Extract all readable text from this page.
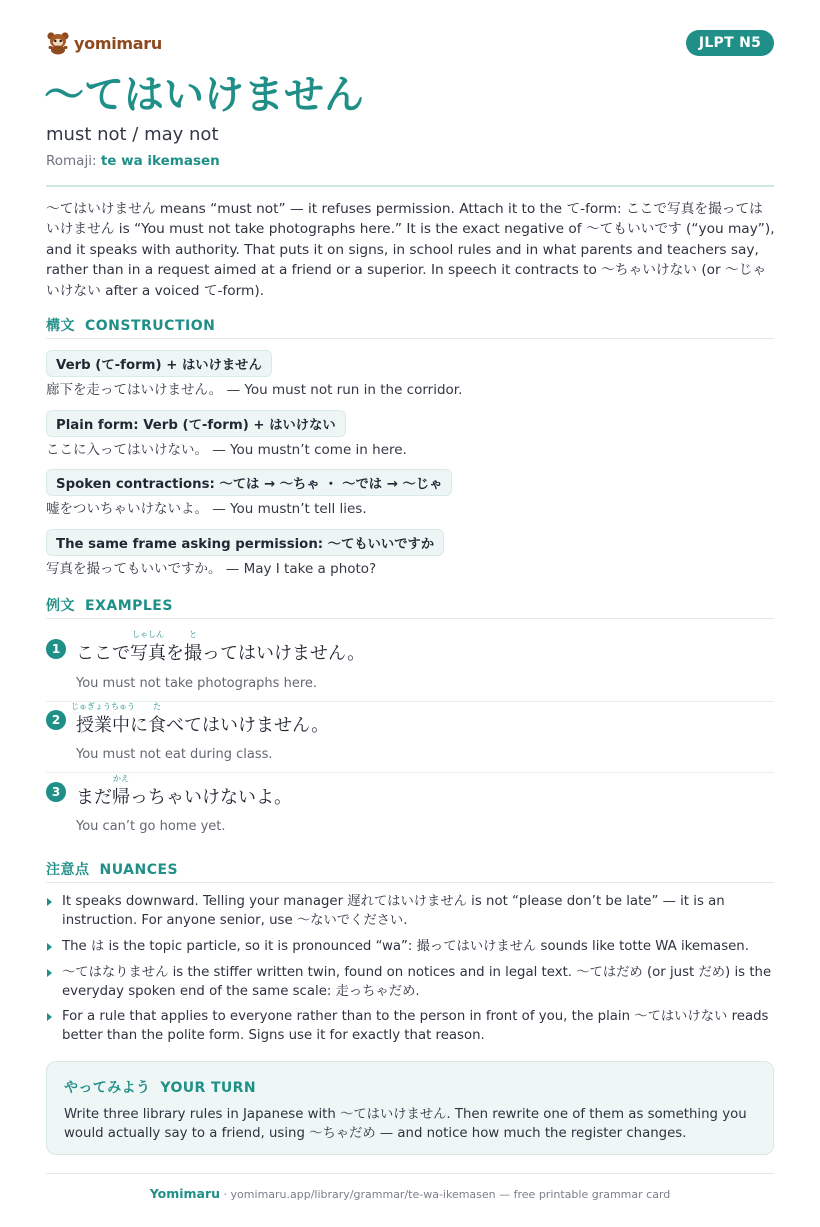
yomimaru	JLPT N5
〜てはいけません
must not / may not
Romaji: te wa ikemasen

〜てはいけません means “must not” — it refuses permission. Attach it to the て-form: ここで写真を撮ってはいけません is “You must not take photographs here.” It is the exact negative of 〜てもいいです (“you may”), and it speaks with authority. That puts it on signs, in school rules and in what parents and teachers say, rather than in a request aimed at a friend or a superior. In speech it contracts to 〜ちゃいけない (or 〜じゃいけない after a voiced て-form).

構文 CONSTRUCTION
Verb (て-form) + はいけません
廊下を走ってはいけません。 — You must not run in the corridor.
Plain form: Verb (て-form) + はいけない
ここに入ってはいけない。 — You mustn’t come in here.
Spoken contractions: 〜ては → 〜ちゃ ・ 〜では → 〜じゃ
嘘をついちゃいけないよ。 — You mustn’t tell lies.
The same frame asking permission: 〜てもいいですか
写真を撮ってもいいですか。 — May I take a photo?
例文 EXAMPLES
1 ここで写真
しゃしん
を撮
と
ってはいけません。
You must not take photographs here.
2 授業中
じゅぎょうちゅう
に食
た
べてはいけません。
You must not eat during class.
3 まだ帰
かえ
っちゃいけないよ。
You can’t go home yet.
注意点 NUANCES
It speaks downward. Telling your manager 遅れてはいけません is not “please don’t be late” — it is an instruction. For anyone senior, use 〜ないでください.
The は is the topic particle, so it is pronounced “wa”: 撮ってはいけません sounds like totte WA ikemasen.
〜てはなりません is the stiffer written twin, found on notices and in legal text. 〜てはだめ (or just だめ) is the everyday spoken end of the same scale: 走っちゃだめ.
For a rule that applies to everyone rather than to the person in front of you, the plain 〜てはいけない reads better than the polite form. Signs use it for exactly that reason.
やってみよう YOUR TURN
Write three library rules in Japanese with 〜てはいけません. Then rewrite one of them as something you would actually say to a friend, using 〜ちゃだめ — and notice how much the register changes.
Yomimaru · yomimaru.app/library/grammar/te-wa-ikemasen — free printable grammar card
